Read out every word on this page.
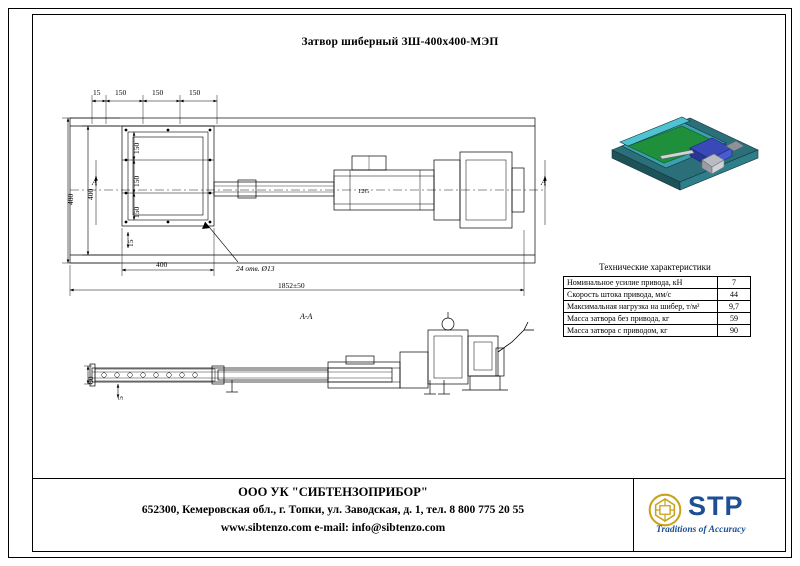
Затвор шиберный ЗШ-400х400-МЭП
15 150	150	150
480 400
150
150
150
15
400
1852±50
24 отв. Ø13
12G
А	А
А-А
80
5
Технические характеристики
Номинальное усилие привода, кН	7
Скорость штока привода, мм/с	44
Максимальная нагрузка на шибер, т/м²	9,7
Масса затвора без привода, кг	59
Масса затвора с приводом, кг	90
ООО УК "СИБТЕНЗОПРИБОР"
652300, Кемеровская обл., г. Топки, ул. Заводская, д. 1, тел. 8 800 775 20 55
www.sibtenzo.com e-mail: info@sibtenzo.com
STP
Traditions of Accuracy
